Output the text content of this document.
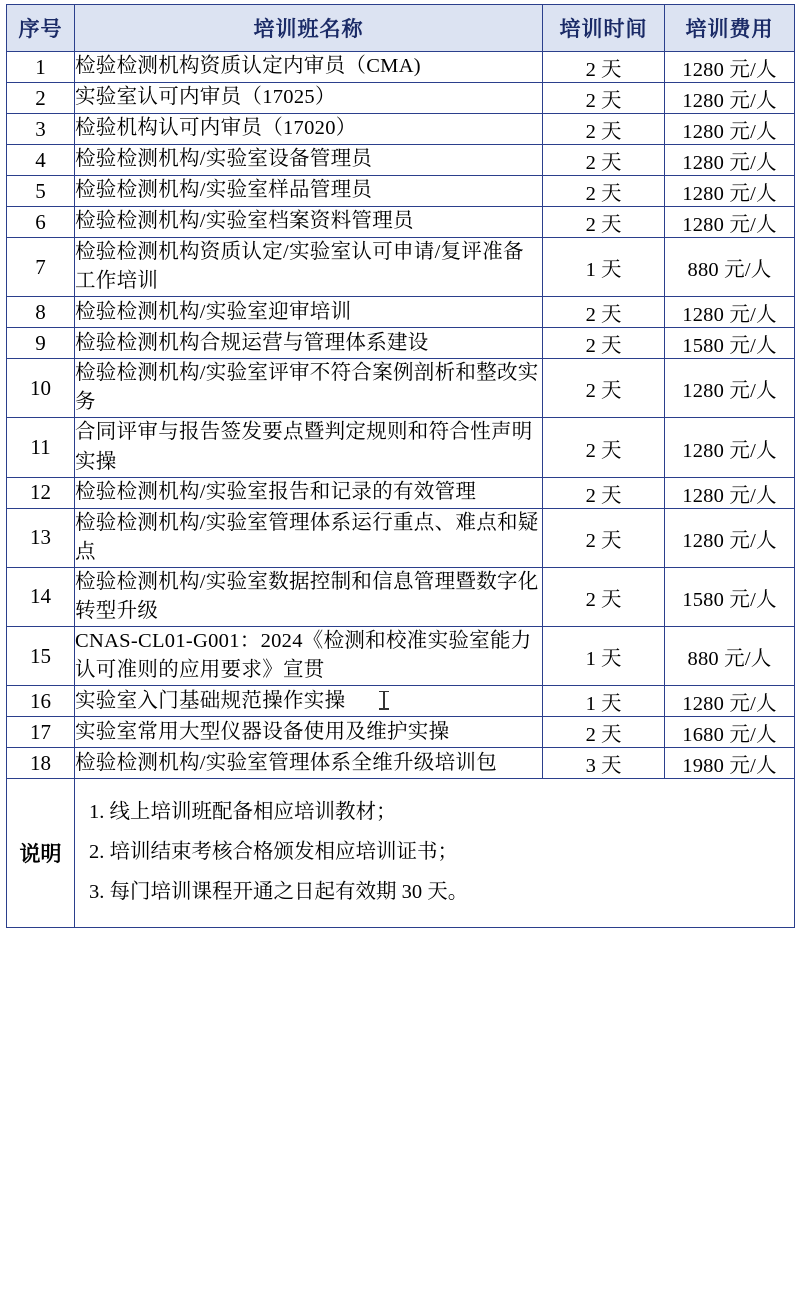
序号	培训班名称	培训时间	培训费用
1	检验检测机构资质认定内审员（CMA)	2 天	1280 元/人
2	实验室认可内审员（17025）	2 天	1280 元/人
3	检验机构认可内审员（17020）	2 天	1280 元/人
4	检验检测机构/实验室设备管理员	2 天	1280 元/人
5	检验检测机构/实验室样品管理员	2 天	1280 元/人
6	检验检测机构/实验室档案资料管理员	2 天	1280 元/人
7	检验检测机构资质认定/实验室认可申请/复评准备工作培训	1 天	880 元/人
8	检验检测机构/实验室迎审培训	2 天	1280 元/人
9	检验检测机构合规运营与管理体系建设	2 天	1580 元/人
10	检验检测机构/实验室评审不符合案例剖析和整改实务	2 天	1280 元/人
11	合同评审与报告签发要点暨判定规则和符合性声明实操	2 天	1280 元/人
12	检验检测机构/实验室报告和记录的有效管理	2 天	1280 元/人
13	检验检测机构/实验室管理体系运行重点、难点和疑点	2 天	1280 元/人
14	检验检测机构/实验室数据控制和信息管理暨数字化转型升级	2 天	1580 元/人
15	CNAS-CL01-G001：2024《检测和校准实验室能力认可准则的应用要求》宣贯	1 天	880 元/人
16	实验室入门基础规范操作实操	1 天	1280 元/人
17	实验室常用大型仪器设备使用及维护实操	2 天	1680 元/人
18	检验检测机构/实验室管理体系全维升级培训包	3 天	1980 元/人
说明	1. 线上培训班配备相应培训教材；
2. 培训结束考核合格颁发相应培训证书；
3. 每门培训课程开通之日起有效期 30 天。		
